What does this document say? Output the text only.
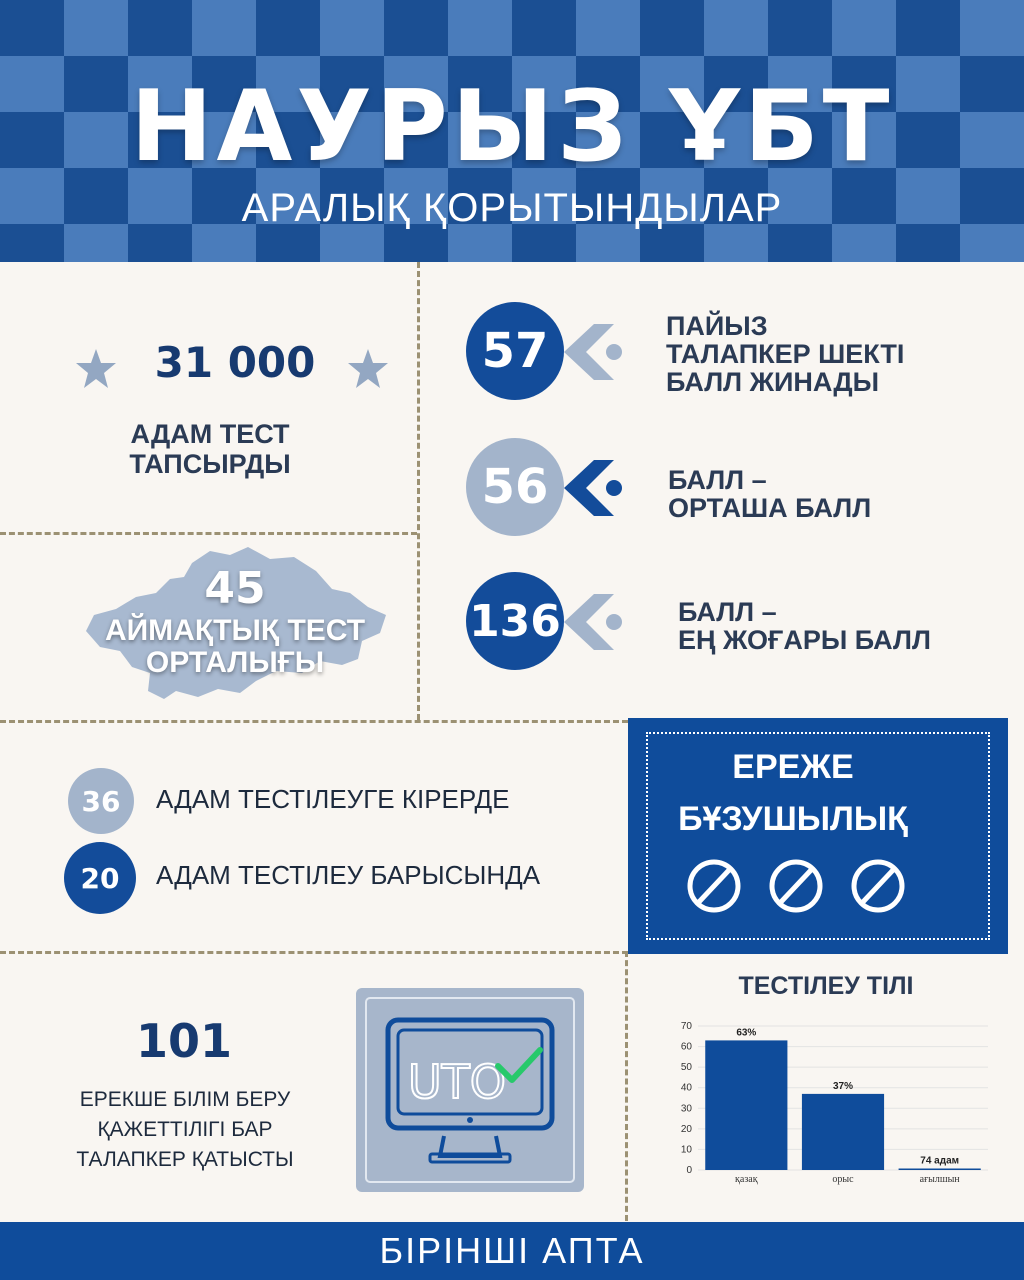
НАУРЫЗ ҰБТ
АРАЛЫҚ ҚОРЫТЫНДЫЛАР
31 000
АДАМ ТЕСТ
ТАПСЫРДЫ
45
АЙМАҚТЫҚ ТЕСТ
ОРТАЛЫҒЫ
57	ПАЙЫЗ
ТАЛАПКЕР ШЕКТІ
БАЛЛ ЖИНАДЫ
56	БАЛЛ –
ОРТАША БАЛЛ
136	БАЛЛ –
ЕҢ ЖОҒАРЫ БАЛЛ
36	АДАМ ТЕСТІЛЕУГЕ КІРЕРДЕ
20	АДАМ ТЕСТІЛЕУ БАРЫСЫНДА
ЕРЕЖЕ
БҰЗУШЫЛЫҚ
101
ЕРЕКШЕ БІЛІМ БЕРУ
ҚАЖЕТТІЛІГІ БАР
ТАЛАПКЕР ҚАТЫСТЫ
UTO
ТЕСТІЛЕУ ТІЛІ
0
10
20
30
40
50
60
70
63%
қазақ
37%
орыс
74 адам
ағылшын
БІРІНШІ АПТА
